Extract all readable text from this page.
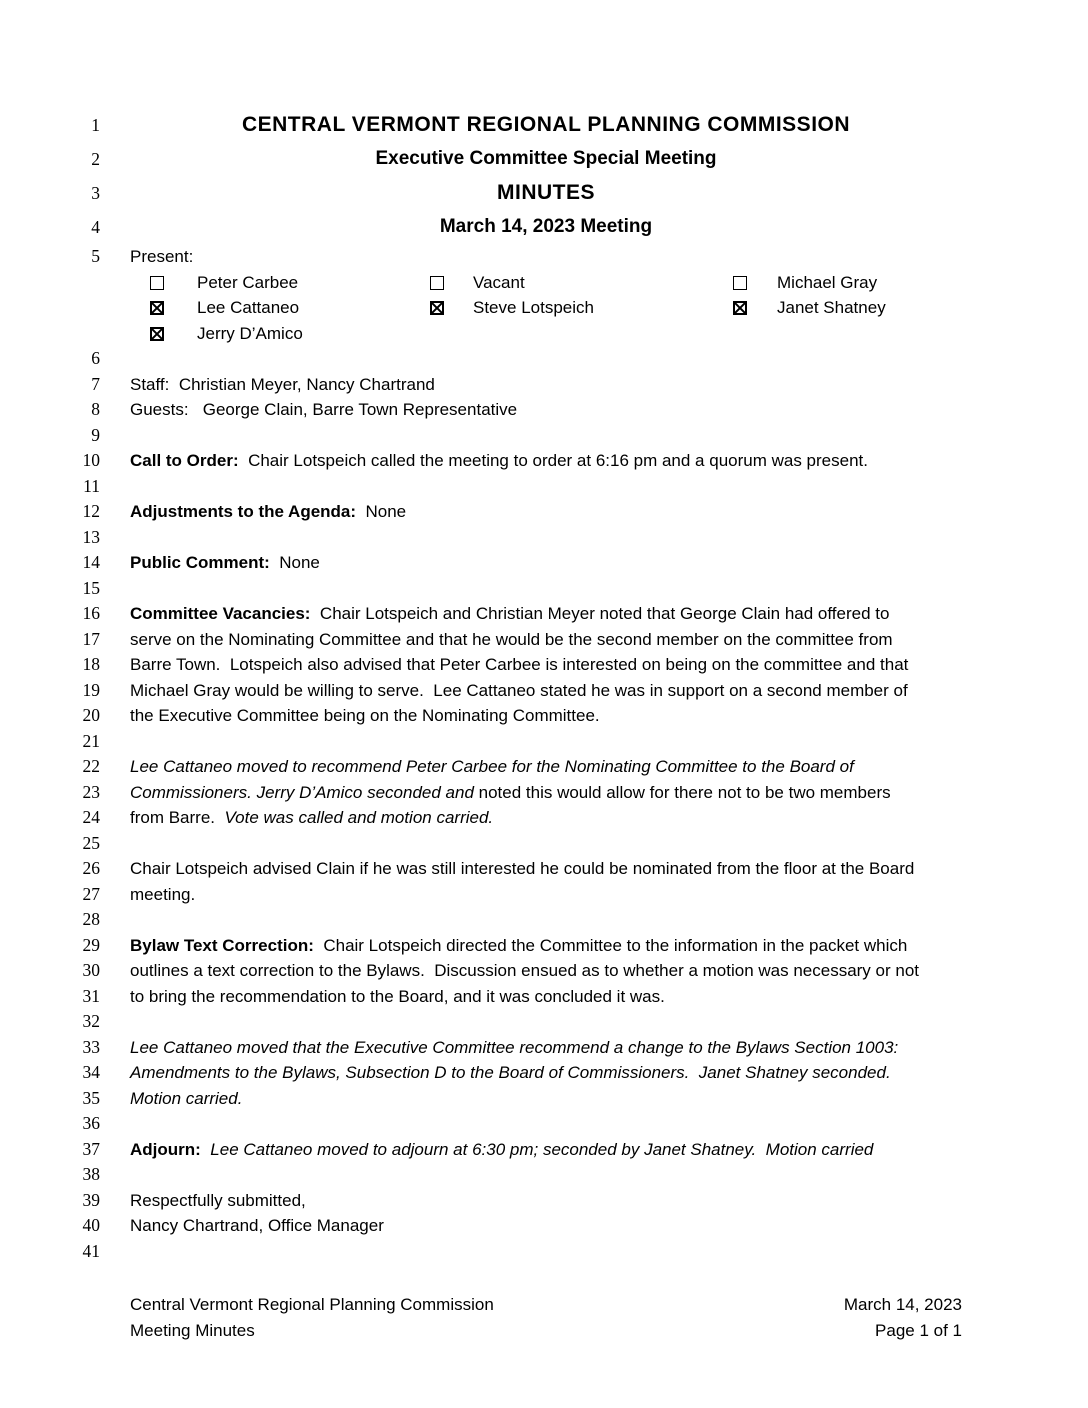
1	CENTRAL VERMONT REGIONAL PLANNING COMMISSION
2	Executive Committee Special Meeting
3	MINUTES
4	March 14, 2023 Meeting
5 Present:
Peter Carbee	Vacant	Michael Gray
Lee Cattaneo	Steve Lotspeich	Janet Shatney
Jerry D’Amico
6
7 Staff:  Christian Meyer, Nancy Chartrand
8 Guests:   George Clain, Barre Town Representative
9
10 Call to Order:  Chair Lotspeich called the meeting to order at 6:16 pm and a quorum was present.
11
12 Adjustments to the Agenda:  None
13
14 Public Comment:  None
15
16 Committee Vacancies:  Chair Lotspeich and Christian Meyer noted that George Clain had offered to
17 serve on the Nominating Committee and that he would be the second member on the committee from
18 Barre Town.  Lotspeich also advised that Peter Carbee is interested on being on the committee and that
19 Michael Gray would be willing to serve.  Lee Cattaneo stated he was in support on a second member of
20 the Executive Committee being on the Nominating Committee.
21
22 Lee Cattaneo moved to recommend Peter Carbee for the Nominating Committee to the Board of
23 Commissioners. Jerry D’Amico seconded and noted this would allow for there not to be two members
24 from Barre.  Vote was called and motion carried.
25
26 Chair Lotspeich advised Clain if he was still interested he could be nominated from the floor at the Board
27 meeting.
28
29 Bylaw Text Correction:  Chair Lotspeich directed the Committee to the information in the packet which
30 outlines a text correction to the Bylaws.  Discussion ensued as to whether a motion was necessary or not
31 to bring the recommendation to the Board, and it was concluded it was.
32
33 Lee Cattaneo moved that the Executive Committee recommend a change to the Bylaws Section 1003:
34 Amendments to the Bylaws, Subsection D to the Board of Commissioners.  Janet Shatney seconded.
35 Motion carried.
36
37 Adjourn: Lee Cattaneo moved to adjourn at 6:30 pm; seconded by Janet Shatney.  Motion carried
38
39 Respectfully submitted,
40 Nancy Chartrand, Office Manager
41
Central Vermont Regional Planning Commission
Meeting Minutes
March 14, 2023
Page 1 of 1
